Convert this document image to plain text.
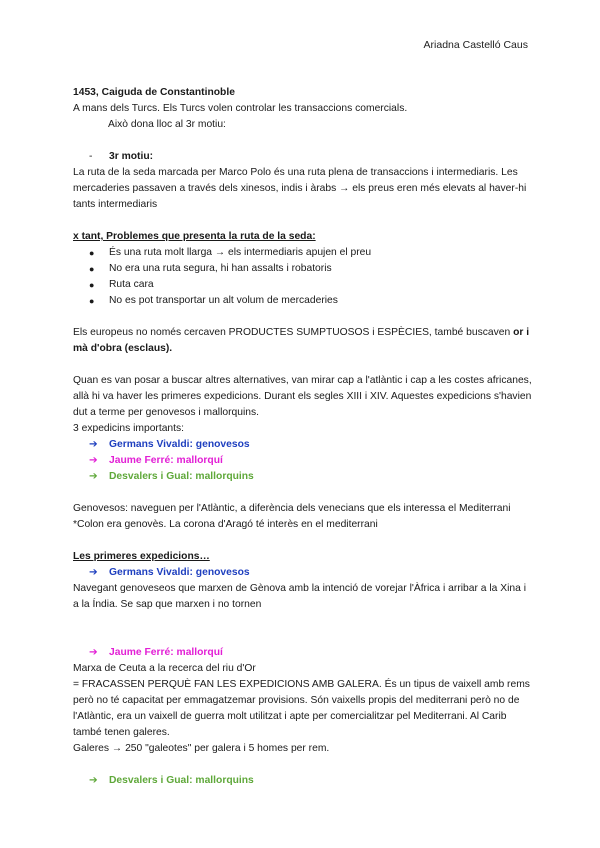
Ariadna Castelló Caus
1453, Caiguda de Constantinoble
A mans dels Turcs. Els Turcs volen controlar les transaccions comercials.
Això dona lloc al 3r motiu:
-	3r motiu:
La ruta de la seda marcada per Marco Polo és una ruta plena de transaccions i intermediaris. Les mercaderies passaven a través dels xinesos, indis i àrabs → els preus eren més elevats al haver-hi tants intermediaris
x tant, Problemes que presenta la ruta de la seda:
●	És una ruta molt llarga → els intermediaris apujen el preu
●	No era una ruta segura, hi han assalts i robatoris
●	Ruta cara
●	No es pot transportar un alt volum de mercaderies
Els europeus no només cercaven PRODUCTES SUMPTUOSOS i ESPÈCIES, també buscaven or i mà d'obra (esclaus).
Quan es van posar a buscar altres alternatives, van mirar cap a l'atlàntic i cap a les costes africanes, allà hi va haver les primeres expedicions. Durant els segles XIII i XIV. Aquestes expedicions s'havien dut a terme per genovesos i mallorquins.
3 expedicins importants:
➔	Germans Vivaldi: genovesos
➔	Jaume Ferré: mallorquí
➔	Desvalers i Gual: mallorquins
Genovesos: naveguen per l'Atlàntic, a diferència dels venecians que els interessa el Mediterrani
*Colon era genovès. La corona d'Aragó té interès en el mediterrani
Les primeres expedicions…
➔	Germans Vivaldi: genovesos
Navegant genoveseos que marxen de Gènova amb la intenció de vorejar l'Àfrica i arribar a la Xina i a la Índia. Se sap que marxen i no tornen
➔	Jaume Ferré: mallorquí
Marxa de Ceuta a la recerca del riu d'Or
= FRACASSEN PERQUÈ FAN LES EXPEDICIONS AMB GALERA. És un tipus de vaixell amb rems però no té capacitat per emmagatzemar provisions. Són vaixells propis del mediterrani però no de l'Atlàntic, era un vaixell de guerra molt utilitzat i apte per comercialitzar pel Mediterrani. Al Carib també tenen galeres.
Galeres → 250 "galeotes" per galera i 5 homes per rem.
➔	Desvalers i Gual: mallorquins
